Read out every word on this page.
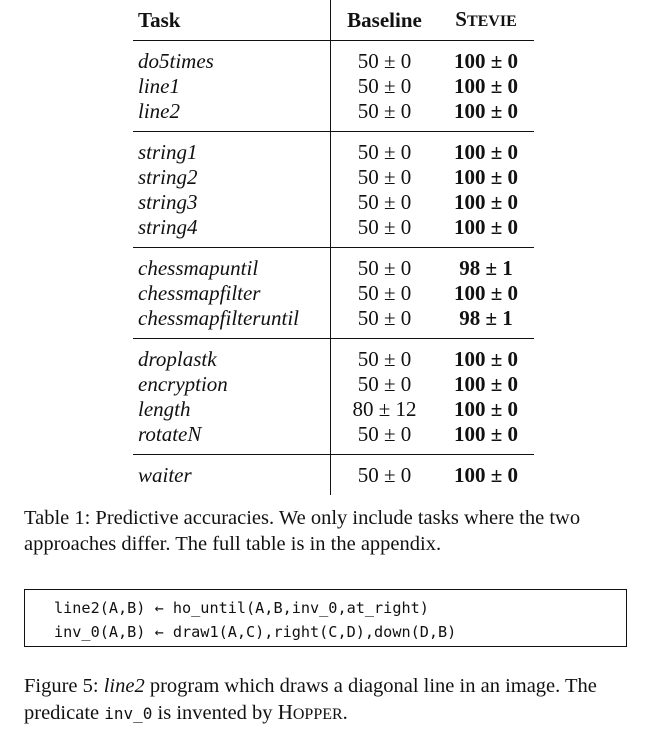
Task	Baseline	STEVIE
do5times	50 ± 0	100 ± 0
line1	50 ± 0	100 ± 0
line2	50 ± 0	100 ± 0
string1	50 ± 0	100 ± 0
string2	50 ± 0	100 ± 0
string3	50 ± 0	100 ± 0
string4	50 ± 0	100 ± 0
chessmapuntil	50 ± 0	98 ± 1
chessmapfilter	50 ± 0	100 ± 0
chessmapfilteruntil	50 ± 0	98 ± 1
droplastk	50 ± 0	100 ± 0
encryption	50 ± 0	100 ± 0
length	80 ± 12	100 ± 0
rotateN	50 ± 0	100 ± 0
waiter	50 ± 0	100 ± 0
Table 1: Predictive accuracies. We only include tasks where the two approaches differ. The full table is in the appendix.
line2(A,B) ← ho_until(A,B,inv_0,at_right)
inv_0(A,B) ← draw1(A,C),right(C,D),down(D,B)
Figure 5: line2 program which draws a diagonal line in an image. The predicate inv_0 is invented by HOPPER.
